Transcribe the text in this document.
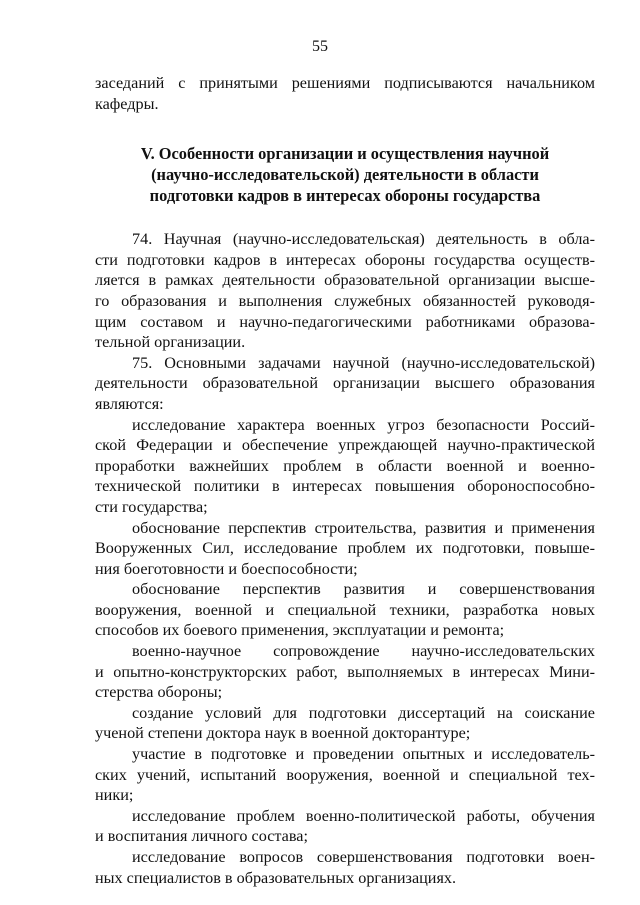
55
заседаний с принятыми решениями подписываются начальником
кафедры.
V. Особенности организации и осуществления научной
(научно-исследовательской) деятельности в области
подготовки кадров в интересах обороны государства
74. Научная (научно-исследовательская) деятельность в обла-
сти подготовки кадров в интересах обороны государства осуществ-
ляется в рамках деятельности образовательной организации высше-
го образования и выполнения служебных обязанностей руководя-
щим составом и научно-педагогическими работниками образова-
тельной организации.
75. Основными задачами научной (научно-исследовательской)
деятельности образовательной организации высшего образования
являются:
исследование характера военных угроз безопасности Россий-
ской Федерации и обеспечение упреждающей научно-практической
проработки важнейших проблем в области военной и военно-
технической политики в интересах повышения обороноспособно-
сти государства;
обоснование перспектив строительства, развития и применения
Вооруженных Сил, исследование проблем их подготовки, повыше-
ния боеготовности и боеспособности;
обоснование перспектив развития и совершенствования
вооружения, военной и специальной техники, разработка новых
способов их боевого применения, эксплуатации и ремонта;
военно-научное сопровождение научно-исследовательских
и опытно-конструкторских работ, выполняемых в интересах Мини-
стерства обороны;
создание условий для подготовки диссертаций на соискание
ученой степени доктора наук в военной докторантуре;
участие в подготовке и проведении опытных и исследователь-
ских учений, испытаний вооружения, военной и специальной тех-
ники;
исследование проблем военно-политической работы, обучения
и воспитания личного состава;
исследование вопросов совершенствования подготовки воен-
ных специалистов в образовательных организациях.
